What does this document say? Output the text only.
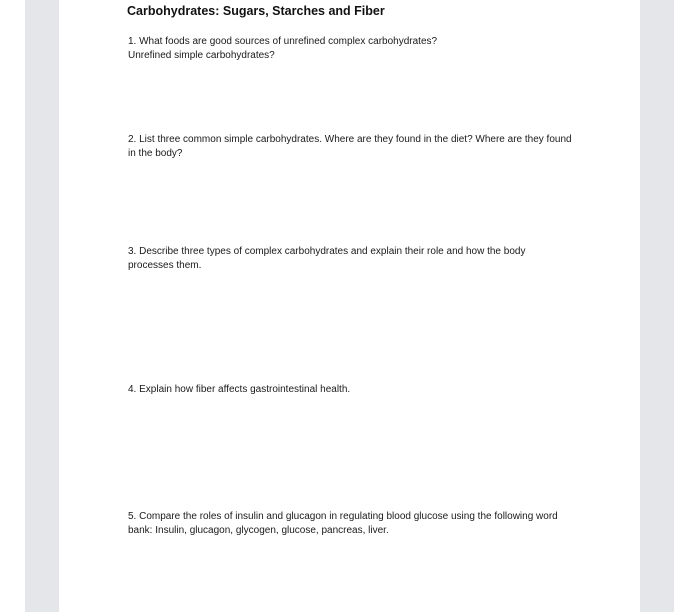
Carbohydrates: Sugars, Starches and Fiber

1. What foods are good sources of unrefined complex carbohydrates?
Unrefined simple carbohydrates?

2. List three common simple carbohydrates. Where are they found in the diet? Where are they found in the body?

3. Describe three types of complex carbohydrates and explain their role and how the body processes them.

4. Explain how fiber affects gastrointestinal health.

5. Compare the roles of insulin and glucagon in regulating blood glucose using the following word bank: Insulin, glucagon, glycogen, glucose, pancreas, liver.
